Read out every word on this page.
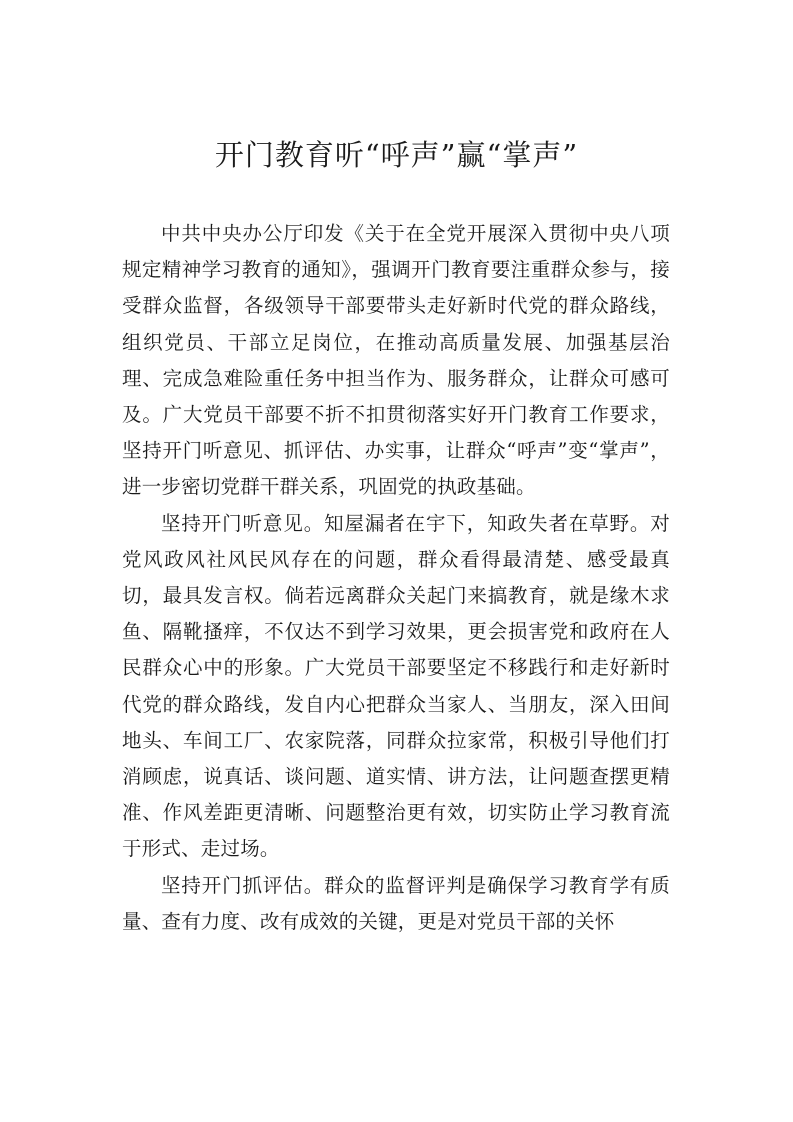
开门教育听“呼声”赢“掌声”

中共中央办公厅印发《关于在全党开展深入贯彻中央八项规定精神学习教育的通知》，强调开门教育要注重群众参与，接受群众监督，各级领导干部要带头走好新时代党的群众路线，组织党员、干部立足岗位，在推动高质量发展、加强基层治理、完成急难险重任务中担当作为、服务群众，让群众可感可及。广大党员干部要不折不扣贯彻落实好开门教育工作要求，坚持开门听意见、抓评估、办实事，让群众“呼声”变“掌声”，进一步密切党群干群关系，巩固党的执政基础。

坚持开门听意见。知屋漏者在宇下，知政失者在草野。对党风政风社风民风存在的问题，群众看得最清楚、感受最真切，最具发言权。倘若远离群众关起门来搞教育，就是缘木求鱼、隔靴搔痒，不仅达不到学习效果，更会损害党和政府在人民群众心中的形象。广大党员干部要坚定不移践行和走好新时代党的群众路线，发自内心把群众当家人、当朋友，深入田间地头、车间工厂、农家院落，同群众拉家常，积极引导他们打消顾虑，说真话、谈问题、道实情、讲方法，让问题查摆更精准、作风差距更清晰、问题整治更有效，切实防止学习教育流于形式、走过场。

坚持开门抓评估。群众的监督评判是确保学习教育学有质量、查有力度、改有成效的关键，更是对党员干部的关怀
